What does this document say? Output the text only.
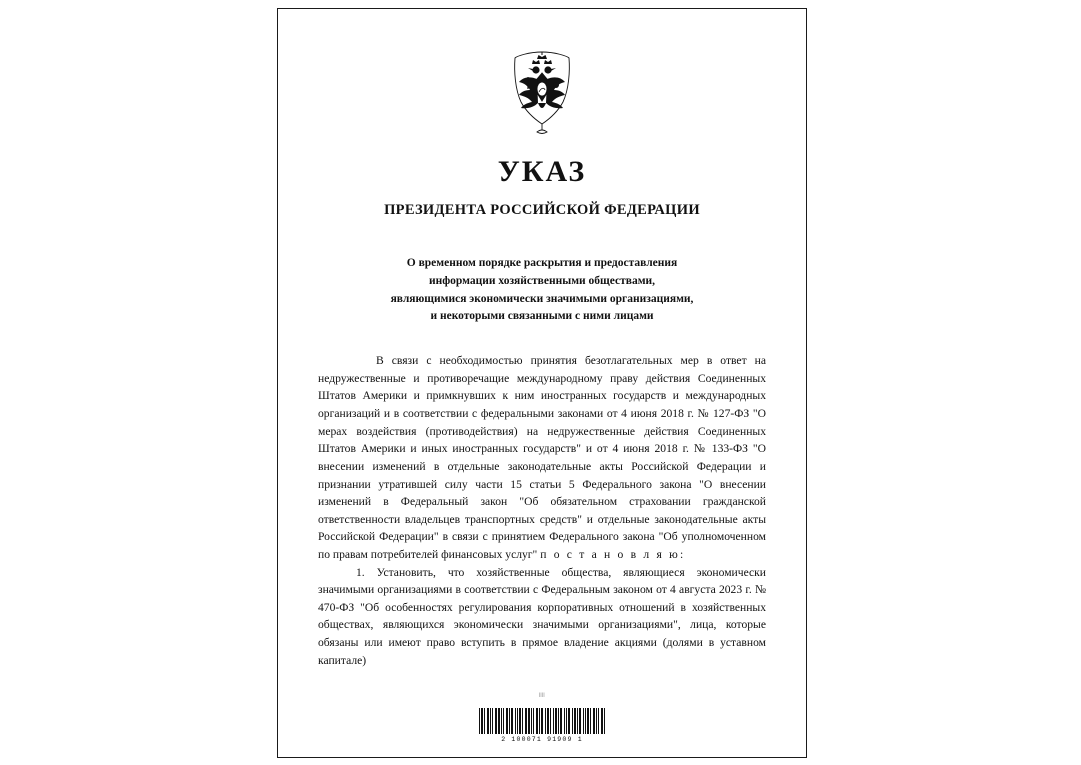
УКАЗ
ПРЕЗИДЕНТА РОССИЙСКОЙ ФЕДЕРАЦИИ
О временном порядке раскрытия и предоставления
информации хозяйственными обществами,
являющимися экономически значимыми организациями,
и некоторыми связанными с ними лицами

В связи с необходимостью принятия безотлагательных мер в ответ на недружественные и противоречащие международному праву действия Соединенных Штатов Америки и примкнувших к ним иностранных государств и международных организаций и в соответствии с федеральными законами от 4 июня 2018 г. № 127-ФЗ "О мерах воздействия (противодействия) на недружественные действия Соединенных Штатов Америки и иных иностранных государств" и от 4 июня 2018 г. № 133-ФЗ "О внесении изменений в отдельные законодательные акты Российской Федерации и признании утратившей силу части 15 статьи 5 Федерального закона "О внесении изменений в Федеральный закон "Об обязательном страховании гражданской ответственности владельцев транспортных средств" и отдельные законодательные акты Российской Федерации" в связи с принятием Федерального закона "Об уполномоченном по правам потребителей финансовых услуг" п о с т а н о в л я ю:

1. Установить, что хозяйственные общества, являющиеся экономически значимыми организациями в соответствии с Федеральным законом от 4 августа 2023 г. № 470-ФЗ "Об особенностях регулирования корпоративных отношений в хозяйственных обществах, являющихся экономически значимыми организациями", лица, которые обязаны или имеют право вступить в прямое владение акциями (долями в уставном капитале)

||||
2 100071 91909 1
